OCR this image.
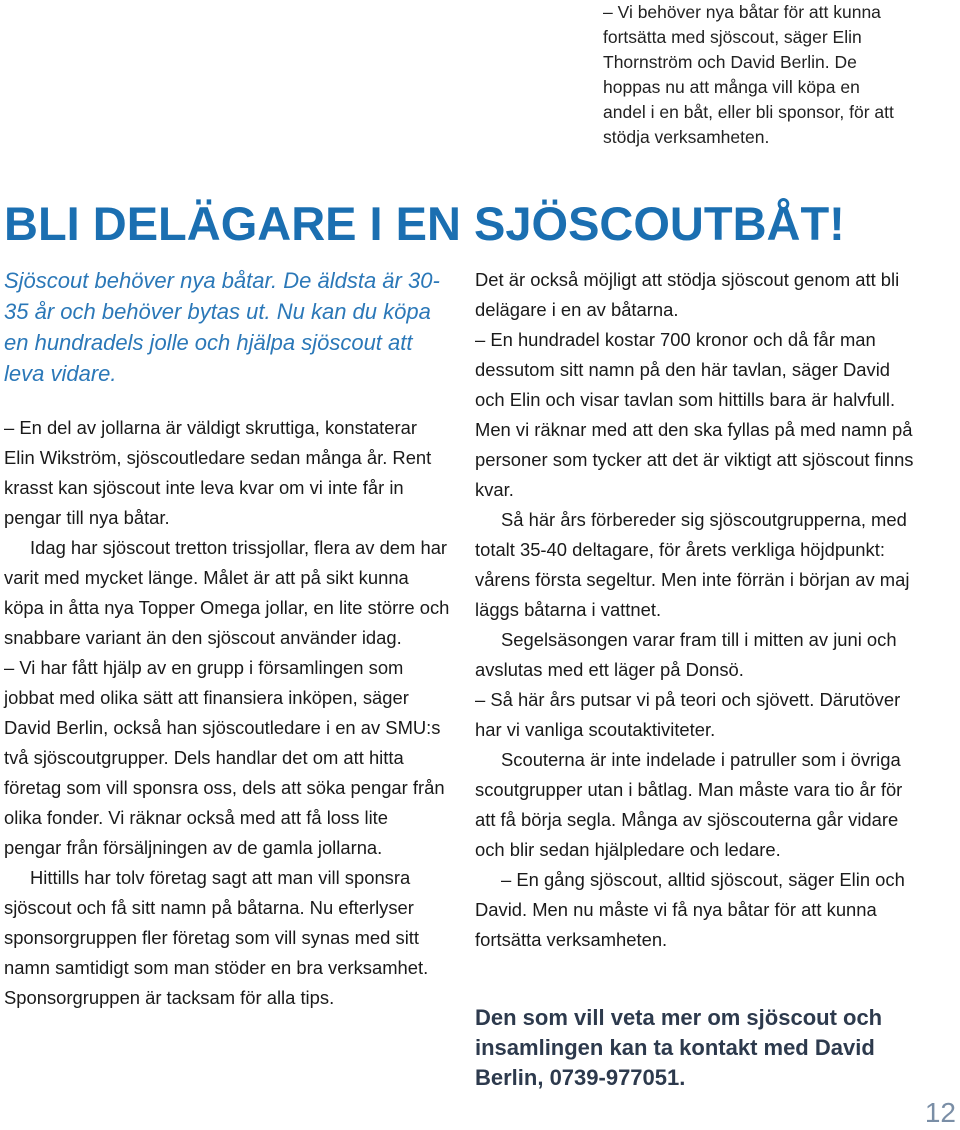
– Vi behöver nya båtar för att kunna fortsätta med sjöscout, säger Elin Thornström och David Berlin. De hoppas nu att många vill köpa en andel i en båt, eller bli sponsor, för att stödja verksamheten.

BLI DELÄGARE I EN SJÖSCOUTBÅT!

Sjöscout behöver nya båtar. De äldsta är 30-35 år och behöver bytas ut. Nu kan du köpa en hundradels jolle och hjälpa sjöscout att leva vidare.

– En del av jollarna är väldigt skruttiga, konstaterar Elin Wikström, sjöscoutledare sedan många år. Rent krasst kan sjöscout inte leva kvar om vi inte får in pengar till nya båtar.

Idag har sjöscout tretton trissjollar, flera av dem har varit med mycket länge. Målet är att på sikt kunna köpa in åtta nya Topper Omega jollar, en lite större och snabbare variant än den sjöscout använder idag.

– Vi har fått hjälp av en grupp i församlingen som jobbat med olika sätt att finansiera inköpen, säger David Berlin, också han sjöscoutledare i en av SMU:s två sjöscoutgrupper. Dels handlar det om att hitta företag som vill sponsra oss, dels att söka pengar från olika fonder. Vi räknar också med att få loss lite pengar från försäljningen av de gamla jollarna.

Hittills har tolv företag sagt att man vill sponsra sjöscout och få sitt namn på båtarna. Nu efterlyser sponsorgruppen fler företag som vill synas med sitt namn samtidigt som man stöder en bra verksamhet. Sponsorgruppen är tacksam för alla tips.

Det är också möjligt att stödja sjöscout genom att bli delägare i en av båtarna.

– En hundradel kostar 700 kronor och då får man dessutom sitt namn på den här tavlan, säger David och Elin och visar tavlan som hittills bara är halvfull. Men vi räknar med att den ska fyllas på med namn på personer som tycker att det är viktigt att sjöscout finns kvar.

Så här års förbereder sig sjöscoutgrupperna, med totalt 35-40 deltagare, för årets verkliga höjdpunkt: vårens första segeltur. Men inte förrän i början av maj läggs båtarna i vattnet.

Segelsäsongen varar fram till i mitten av juni och avslutas med ett läger på Donsö.

– Så här års putsar vi på teori och sjövett. Därutöver har vi vanliga scoutaktiviteter.

Scouterna är inte indelade i patruller som i övriga scoutgrupper utan i båtlag. Man måste vara tio år för att få börja segla. Många av sjöscouterna går vidare och blir sedan hjälpledare och ledare.

– En gång sjöscout, alltid sjöscout, säger Elin och David. Men nu måste vi få nya båtar för att kunna fortsätta verksamheten.

Den som vill veta mer om sjöscout och insamlingen kan ta kontakt med David Berlin, 0739-977051.

12
